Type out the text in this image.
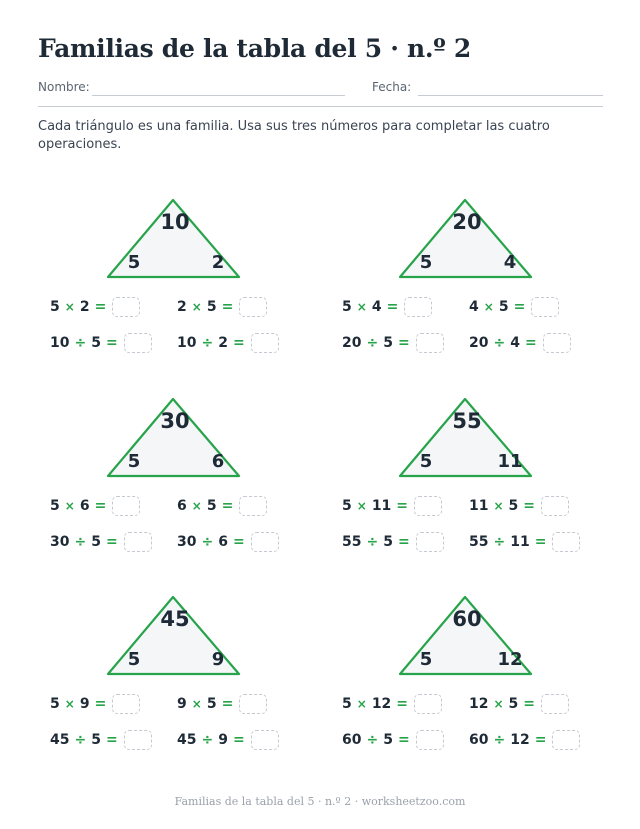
Familias de la tabla del 5 · n.º 2
Nombre:	Fecha:

Cada triángulo es una familia. Usa sus tres números para completar las cuatro operaciones.

10
5	2
5 × 2 =	2 × 5 =
10 ÷ 5 =	10 ÷ 2 =
20
5	4
5 × 4 =	4 × 5 =
20 ÷ 5 =	20 ÷ 4 =
30
5	6
5 × 6 =	6 × 5 =
30 ÷ 5 =	30 ÷ 6 =
55
5	11
5 × 11 =	11 × 5 =
55 ÷ 5 =	55 ÷ 11 =
45
5	9
5 × 9 =	9 × 5 =
45 ÷ 5 =	45 ÷ 9 =
60
5	12
5 × 12 =	12 × 5 =
60 ÷ 5 =	60 ÷ 12 =
Familias de la tabla del 5 · n.º 2 · worksheetzoo.com
